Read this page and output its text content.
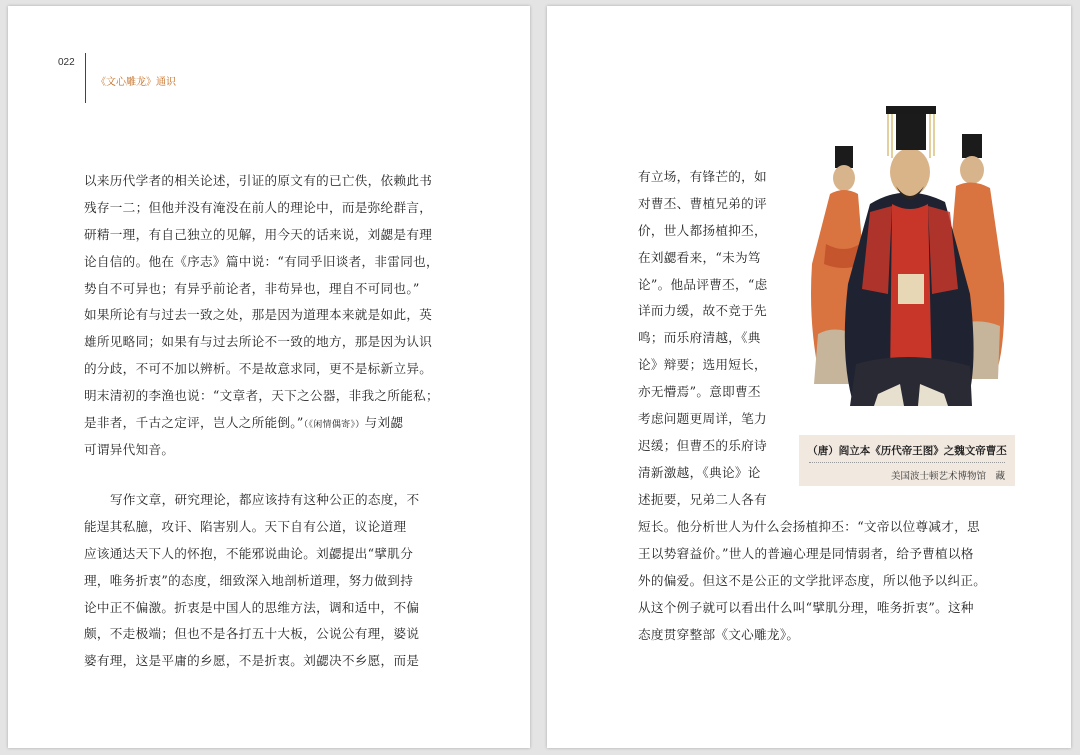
022
《文心雕龙》通识
以来历代学者的相关论述，引证的原文有的已亡佚，依赖此书
残存一二；但他并没有淹没在前人的理论中，而是弥纶群言，
研精一理，有自己独立的见解，用今天的话来说，刘勰是有理
论自信的。他在《序志》篇中说：“有同乎旧谈者，非雷同也，
势自不可异也；有异乎前论者，非苟异也，理自不可同也。”
如果所论有与过去一致之处，那是因为道理本来就是如此，英
雄所见略同；如果有与过去所论不一致的地方，那是因为认识
的分歧，不可不加以辨析。不是故意求同，更不是标新立异。
明末清初的李渔也说：“文章者，天下之公器，非我之所能私；
是非者，千古之定评，岂人之所能倒。”（《闲情偶寄》）与刘勰
可谓异代知音。
写作文章，研究理论，都应该持有这种公正的态度，不
能逞其私臆，攻讦、陷害别人。天下自有公道，议论道理
应该通达天下人的怀抱，不能邪说曲论。刘勰提出“擘肌分
理，唯务折衷”的态度，细致深入地剖析道理，努力做到持
论中正不偏激。折衷是中国人的思维方法，调和适中，不偏
颇，不走极端；但也不是各打五十大板，公说公有理，婆说
婆有理，这是平庸的乡愿，不是折衷。刘勰决不乡愿，而是
有立场，有锋芒的，如
对曹丕、曹植兄弟的评
价，世人都扬植抑丕，
在刘勰看来，“未为笃
论”。他品评曹丕，“虑
详而力缓，故不竞于先
鸣；而乐府清越，《典
论》辩要；选用短长，
亦无懵焉”。意即曹丕
考虑问题更周详，笔力
迟缓；但曹丕的乐府诗
清新激越，《典论》论
述扼要，兄弟二人各有
（唐）阎立本《历代帝王图》之魏文帝曹丕
美国波士顿艺术博物馆　藏
短长。他分析世人为什么会扬植抑丕：“文帝以位尊减才，思
王以势窘益价。”世人的普遍心理是同情弱者，给予曹植以格
外的偏爱。但这不是公正的文学批评态度，所以他予以纠正。
从这个例子就可以看出什么叫“擘肌分理，唯务折衷”。这种
态度贯穿整部《文心雕龙》。
